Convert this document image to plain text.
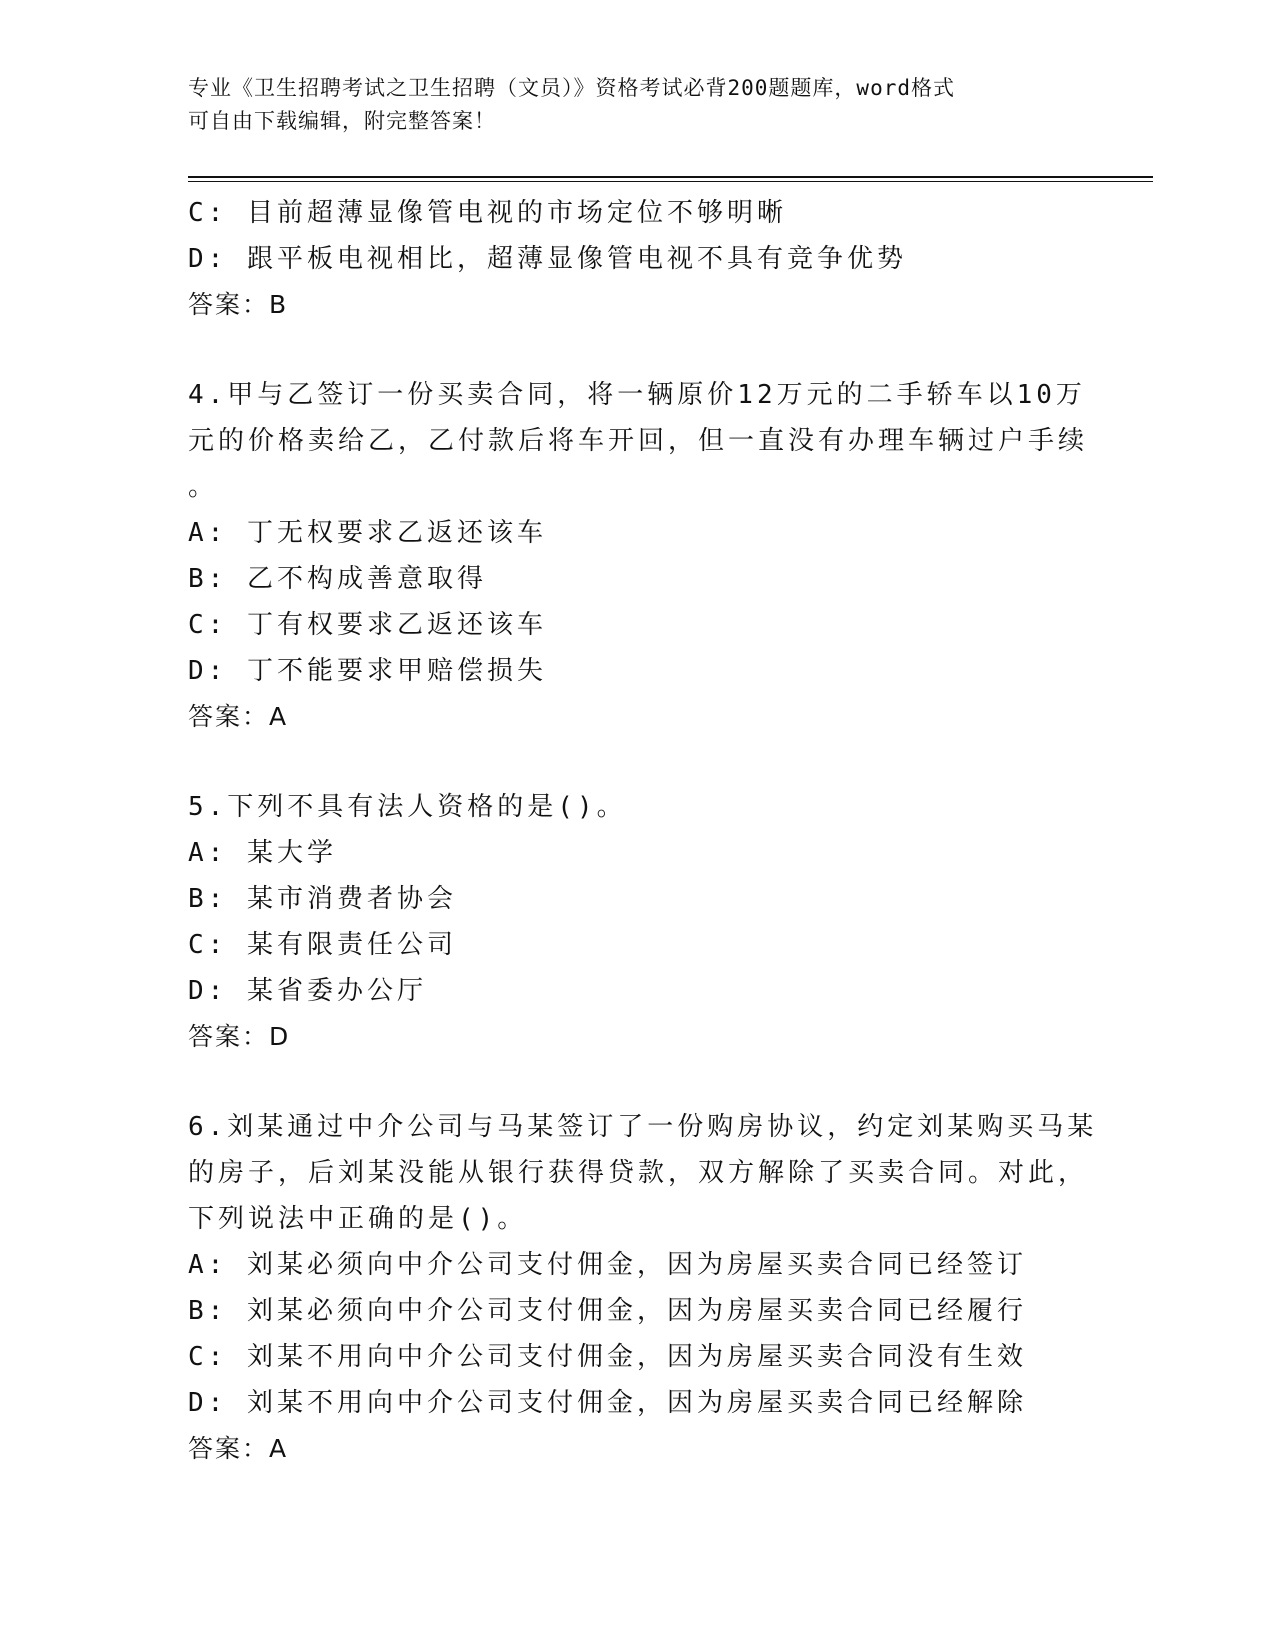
专业《卫生招聘考试之卫生招聘（文员）》资格考试必背200题题库，word格式
可自由下载编辑，附完整答案！
C: 目前超薄显像管电视的市场定位不够明晰
D: 跟平板电视相比，超薄显像管电视不具有竞争优势
答案：B
4.甲与乙签订一份买卖合同，将一辆原价12万元的二手轿车以10万
元的价格卖给乙，乙付款后将车开回，但一直没有办理车辆过户手续
。
A: 丁无权要求乙返还该车
B: 乙不构成善意取得
C: 丁有权要求乙返还该车
D: 丁不能要求甲赔偿损失
答案：A
5.下列不具有法人资格的是()。
A: 某大学
B: 某市消费者协会
C: 某有限责任公司
D: 某省委办公厅
答案：D
6.刘某通过中介公司与马某签订了一份购房协议，约定刘某购买马某
的房子，后刘某没能从银行获得贷款，双方解除了买卖合同。对此，
下列说法中正确的是()。
A: 刘某必须向中介公司支付佣金，因为房屋买卖合同已经签订
B: 刘某必须向中介公司支付佣金，因为房屋买卖合同已经履行
C: 刘某不用向中介公司支付佣金，因为房屋买卖合同没有生效
D: 刘某不用向中介公司支付佣金，因为房屋买卖合同已经解除
答案：A
